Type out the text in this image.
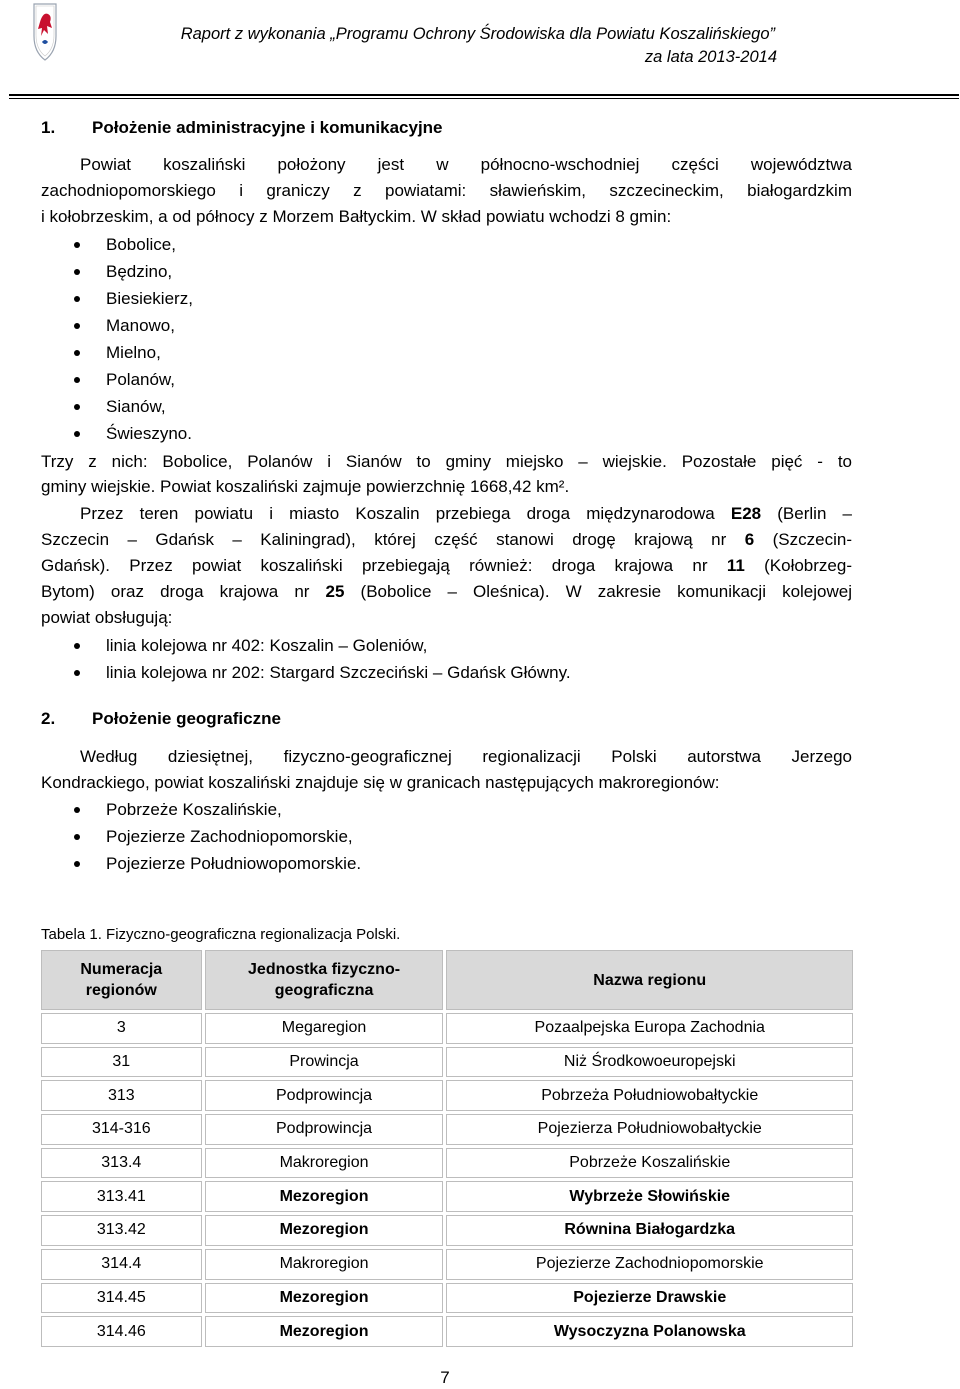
Raport z wykonania „Programu Ochrony Środowiska dla Powiatu Koszalińskiego”
za lata 2013-2014
1. Położenie administracyjne i komunikacyjne
Powiat koszaliński położony jest w północno-wschodniej części województwa
zachodniopomorskiego i graniczy z powiatami: sławieńskim, szczecineckim, białogardzkim
i kołobrzeskim, a od północy z Morzem Bałtyckim. W skład powiatu wchodzi 8 gmin:
Bobolice,
Będzino,
Biesiekierz,
Manowo,
Mielno,
Polanów,
Sianów,
Świeszyno.
Trzy z nich: Bobolice, Polanów i Sianów to gminy miejsko – wiejskie. Pozostałe pięć - to
gminy wiejskie. Powiat koszaliński zajmuje powierzchnię 1668,42 km².
Przez teren powiatu i miasto Koszalin przebiega droga międzynarodowa E28 (Berlin –
Szczecin – Gdańsk – Kaliningrad), której część stanowi drogę krajową nr 6 (Szczecin-
Gdańsk). Przez powiat koszaliński przebiegają również: droga krajowa nr 11 (Kołobrzeg-
Bytom) oraz droga krajowa nr 25 (Bobolice – Oleśnica). W zakresie komunikacji kolejowej
powiat obsługują:
linia kolejowa nr 402: Koszalin – Goleniów,
linia kolejowa nr 202: Stargard Szczeciński – Gdańsk Główny.
2. Położenie geograficzne
Według dziesiętnej, fizyczno-geograficznej regionalizacji Polski autorstwa Jerzego
Kondrackiego, powiat koszaliński znajduje się w granicach następujących makroregionów:
Pobrzeże Koszalińskie,
Pojezierze Zachodniopomorskie,
Pojezierze Południowopomorskie.
Tabela 1. Fizyczno-geograficzna regionalizacja Polski.
Numeracja
regionów	Jednostka fizyczno-
geograficzna	Nazwa regionu
3	Megaregion	Pozaalpejska Europa Zachodnia
31	Prowincja	Niż Środkowoeuropejski
313	Podprowincja	Pobrzeża Południowobałtyckie
314-316	Podprowincja	Pojezierza Południowobałtyckie
313.4	Makroregion	Pobrzeże Koszalińskie
313.41	Mezoregion	Wybrzeże Słowińskie
313.42	Mezoregion	Równina Białogardzka
314.4	Makroregion	Pojezierze Zachodniopomorskie
314.45	Mezoregion	Pojezierze Drawskie
314.46	Mezoregion	Wysoczyzna Polanowska
7
